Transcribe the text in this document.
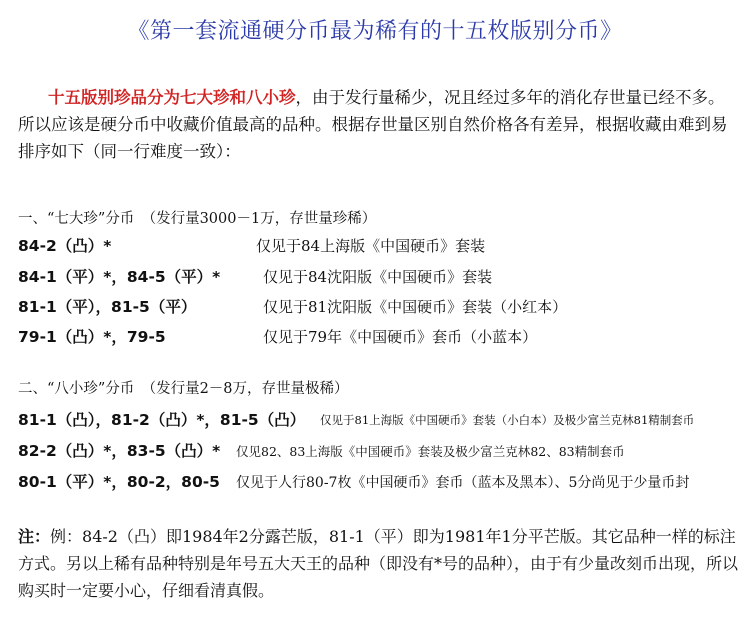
《第一套流通硬分币最为稀有的十五枚版别分币》
十五版别珍品分为七大珍和八小珍，由于发行量稀少，况且经过多年的消化存世量已经不多。所以应该是硬分币中收藏价值最高的品种。根据存世量区别自然价格各有差异，根据收藏由难到易排序如下（同一行难度一致）：
一、“七大珍”分币　（发行量3000－1万，存世量珍稀）
84-2（凸）*	仅见于84上海版《中国硬币》套装
84-1（平）*，84-5（平）*	仅见于84沈阳版《中国硬币》套装
81-1（平），81-5（平）	仅见于81沈阳版《中国硬币》套装（小红本）
79-1（凸）*，79-5	仅见于79年《中国硬币》套币（小蓝本）
二、“八小珍”分币　（发行量2－8万，存世量极稀）
81-1（凸），81-2（凸）*，81-5（凸） 仅见于81上海版《中国硬币》套装（小白本）及极少富兰克林81精制套币
82-2（凸）*，83-5（凸）* 仅见82、83上海版《中国硬币》套装及极少富兰克林82、83精制套币
80-1（平）*，80-2，80-5 仅见于人行80-7枚《中国硬币》套币（蓝本及黑本）、5分尚见于少量币封
注：例：84-2（凸）即1984年2分露芒版，81-1（平）即为1981年1分平芒版。其它品种一样的标注方式。另以上稀有品种特别是年号五大天王的品种（即没有*号的品种），由于有少量改刻币出现，所以购买时一定要小心，仔细看清真假。
